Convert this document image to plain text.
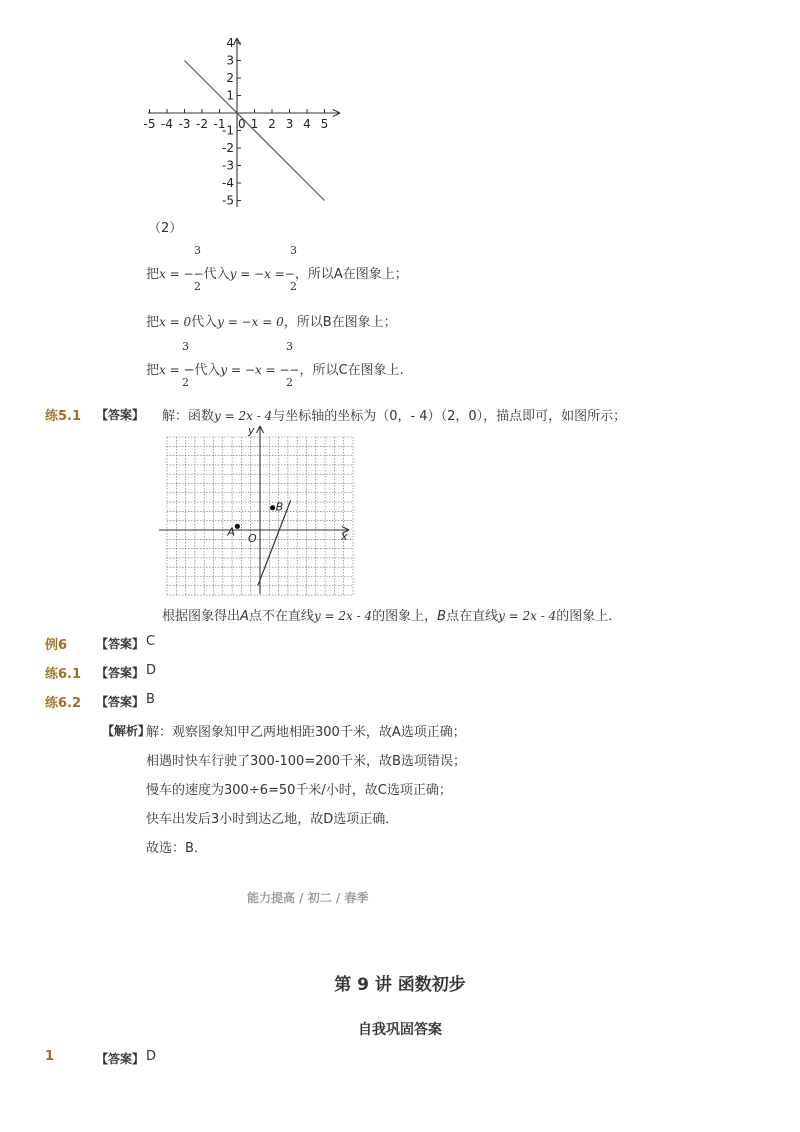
-5 -4 -3 -2 -1 0 1 2 3 4 5
4
3
2
1
-1
-2
-3
-4
-5
（2）
3
2
3
2
把x = −−代入y = −x =−，所以A在图象上；
把x = 0代入y = −x = 0，所以B在图象上；
3
2
3
2
把x = −代入y = −x = −−，所以C在图象上.
练5.1 【答案】 解：函数y = 2x - 4与坐标轴的坐标为（0，- 4）（2，0），描点即可，如图所示；
A
B
O	x
y
根据图象得出A点不在直线y = 2x - 4的图象上，B点在直线y = 2x - 4的图象上．
例6 【答案】 C
练6.1 【答案】 D
练6.2 【答案】 B
【解析】
解：观察图象知甲乙两地相距300千米，故A选项正确；
相遇时快车行驶了300-100=200千米，故B选项错误；
慢车的速度为300÷6=50千米/小时，故C选项正确；
快车出发后3小时到达乙地，故D选项正确．
故选：B．
能力提高 / 初二 / 春季
第 9 讲 函数初步
自我巩固答案
1	【答案】 D
